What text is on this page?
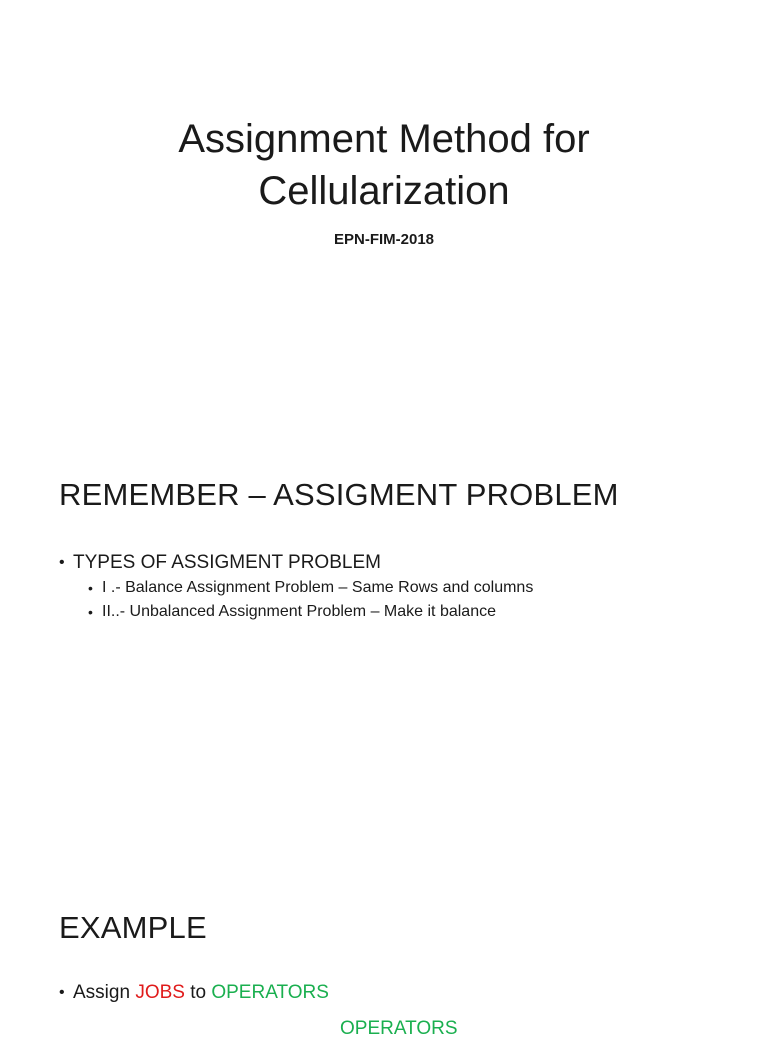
Assignment Method for
Cellularization

EPN-FIM-2018

REMEMBER – ASSIGMENT PROBLEM
• TYPES OF ASSIGMENT PROBLEM
• I .- Balance Assignment Problem – Same Rows and columns
• II..- Unbalanced Assignment Problem – Make it balance
EXAMPLE
• Assign JOBS to OPERATORS
OPERATORS
